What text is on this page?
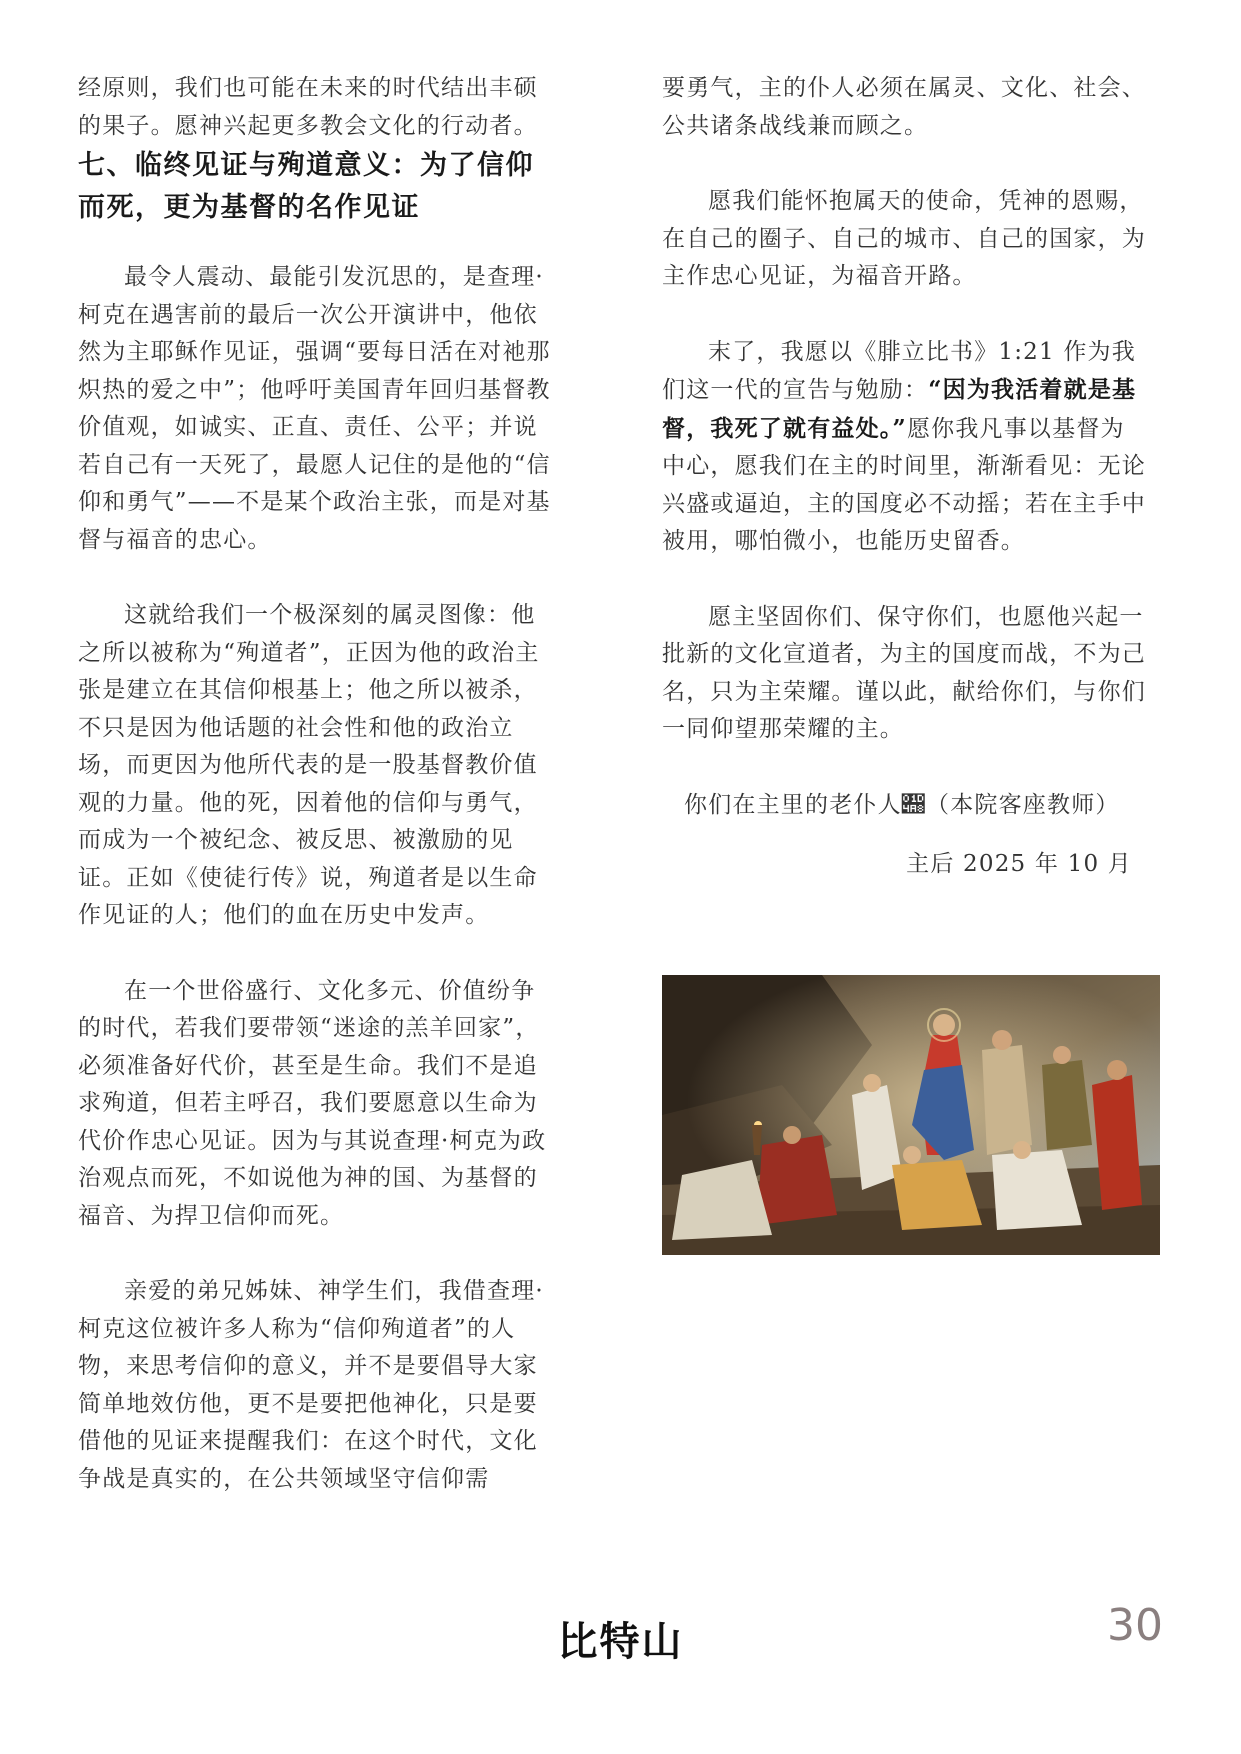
经原则，我们也可能在未来的时代结出丰硕的果子。愿神兴起更多教会文化的行动者。

七、临终见证与殉道意义：为了信仰而死，更为基督的名作见证

最令人震动、最能引发沉思的，是查理·柯克在遇害前的最后一次公开演讲中，他依然为主耶稣作见证，强调“要每日活在对祂那炽热的爱之中”；他呼吁美国青年回归基督教价值观，如诚实、正直、责任、公平；并说若自己有一天死了，最愿人记住的是他的“信仰和勇气”——不是某个政治主张，而是对基督与福音的忠心。

这就给我们一个极深刻的属灵图像：他之所以被称为“殉道者”，正因为他的政治主张是建立在其信仰根基上；他之所以被杀，不只是因为他话题的社会性和他的政治立场，而更因为他所代表的是一股基督教价值观的力量。他的死，因着他的信仰与勇气，而成为一个被纪念、被反思、被激励的见证。正如《使徒行传》说，殉道者是以生命作见证的人；他们的血在历史中发声。

在一个世俗盛行、文化多元、价值纷争的时代，若我们要带领“迷途的羔羊回家”，必须准备好代价，甚至是生命。我们不是追求殉道，但若主呼召，我们要愿意以生命为代价作忠心见证。因为与其说查理·柯克为政治观点而死，不如说他为神的国、为基督的福音、为捍卫信仰而死。

亲爱的弟兄姊妹、神学生们，我借查理·柯克这位被许多人称为“信仰殉道者”的人物，来思考信仰的意义，并不是要倡导大家简单地效仿他，更不是要把他神化，只是要借他的见证来提醒我们：在这个时代，文化争战是真实的，在公共领域坚守信仰需

要勇气，主的仆人必须在属灵、文化、社会、公共诸条战线兼而顾之。

愿我们能怀抱属天的使命，凭神的恩赐，在自己的圈子、自己的城市、自己的国家，为主作忠心见证，为福音开路。

末了，我愿以《腓立比书》1:21 作为我们这一代的宣告与勉励：“因为我活着就是基督，我死了就有益处。”愿你我凡事以基督为中心，愿我们在主的时间里，渐渐看见：无论兴盛或逼迫，主的国度必不动摇；若在主手中被用，哪怕微小，也能历史留香。

愿主坚固你们、保守你们，也愿他兴起一批新的文化宣道者，为主的国度而战，不为己名，只为主荣耀。谨以此，献给你们，与你们一同仰望那荣耀的主。

你们在主里的老仆人𝒨（本院客座教师）

主后 2025 年 10 月

比特山	30
